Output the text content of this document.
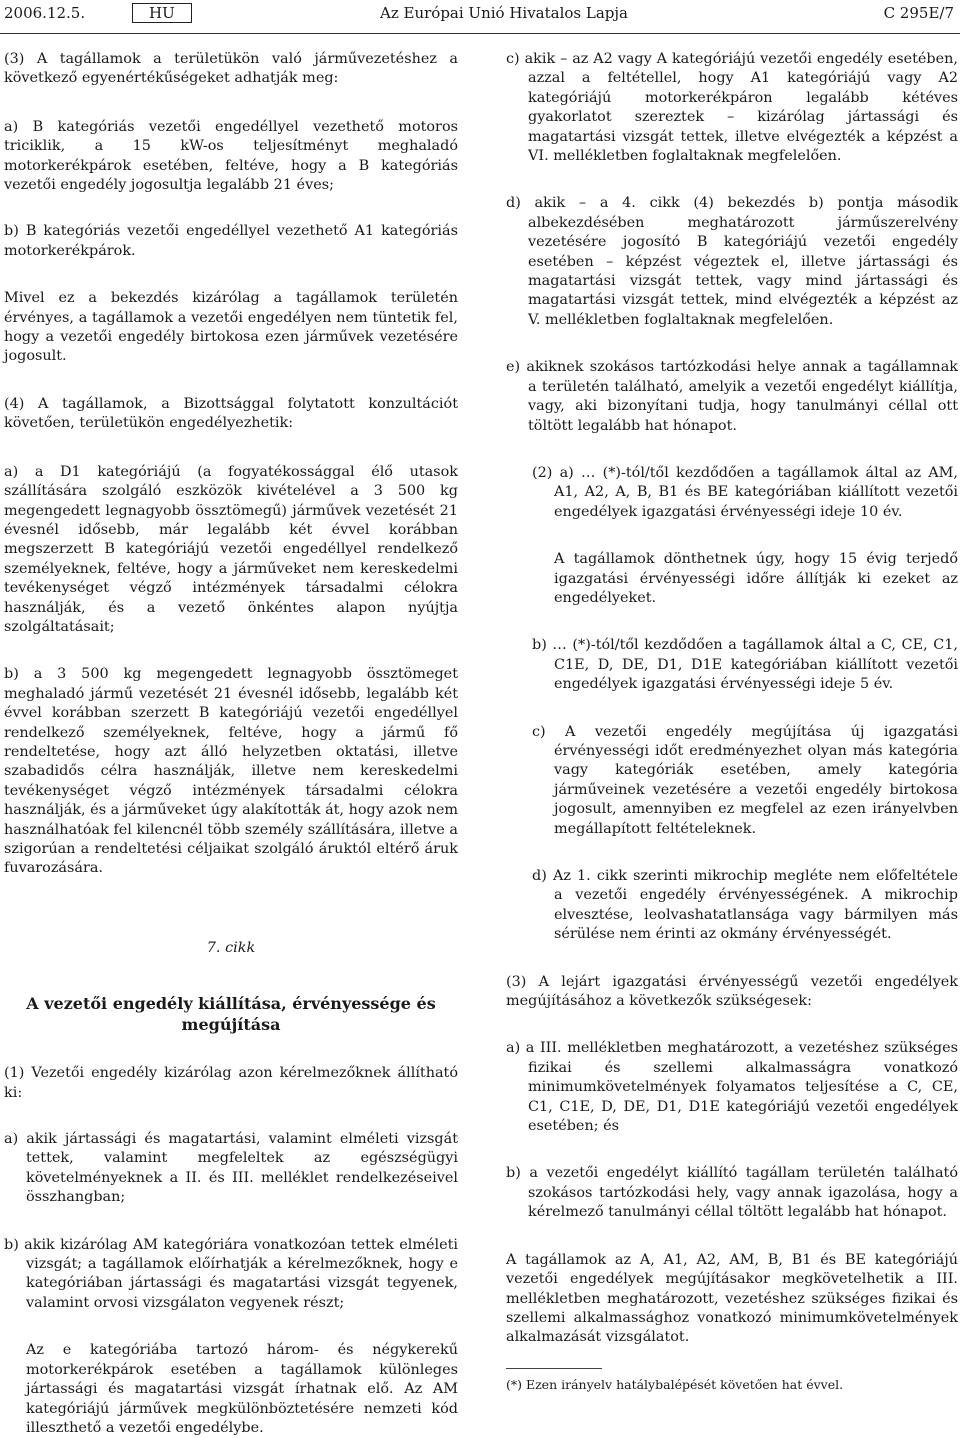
2006.12.5.	HU	Az Európai Unió Hivatalos Lapja	C 295E/7

(3) A tagállamok a területükön való járművezetéshez a következő egyenértékűségeket adhatják meg:

a) B kategóriás vezetői engedéllyel vezethető motoros triciklik, a 15 kW-os teljesítményt meghaladó motorkerékpárok esetében, feltéve, hogy a B kategóriás vezetői engedély jogosultja legalább 21 éves;

b) B kategóriás vezetői engedéllyel vezethető A1 kategóriás motorkerékpárok.

Mivel ez a bekezdés kizárólag a tagállamok területén érvényes, a tagállamok a vezetői engedélyen nem tüntetik fel, hogy a vezetői engedély birtokosa ezen járművek vezetésére jogosult.

(4) A tagállamok, a Bizottsággal folytatott konzultációt követően, területükön engedélyezhetik:

a) a D1 kategóriájú (a fogyatékossággal élő utasok szállítására szolgáló eszközök kivételével a 3 500 kg megengedett legnagyobb össztömegű) járművek vezetését 21 évesnél idősebb, már legalább két évvel korábban megszerzett B kategóriájú vezetői engedéllyel rendelkező személyeknek, feltéve, hogy a járműveket nem kereskedelmi tevékenységet végző intézmények társadalmi célokra használják, és a vezető önkéntes alapon nyújtja szolgáltatásait;

b) a 3 500 kg megengedett legnagyobb össztömeget meghaladó jármű vezetését 21 évesnél idősebb, legalább két évvel korábban szerzett B kategóriájú vezetői engedéllyel rendelkező személyeknek, feltéve, hogy a jármű fő rendeltetése, hogy azt álló helyzetben oktatási, illetve szabadidős célra használják, illetve nem kereskedelmi tevékenységet végző intézmények társadalmi célokra használják, és a járműveket úgy alakították át, hogy azok nem használhatóak fel kilencnél több személy szállítására, illetve a szigorúan a rendeltetési céljaikat szolgáló áruktól eltérő áruk fuvarozására.

7. cikk

A vezetői engedély kiállítása, érvényessége és megújítása

(1) Vezetői engedély kizárólag azon kérelmezőknek állítható ki:

a) akik jártassági és magatartási, valamint elméleti vizsgát tettek, valamint megfeleltek az egészségügyi követelményeknek a II. és III. melléklet rendelkezéseivel összhangban;

b) akik kizárólag AM kategóriára vonatkozóan tettek elméleti vizsgát; a tagállamok előírhatják a kérelmezőknek, hogy e kategóriában jártassági és magatartási vizsgát tegyenek, valamint orvosi vizsgálaton vegyenek részt;

Az e kategóriába tartozó három- és négykerekű motorkerékpárok esetében a tagállamok különleges jártassági és magatartási vizsgát írhatnak elő. Az AM kategóriájú járművek megkülönböztetésére nemzeti kód illeszthető a vezetői engedélybe.

c) akik – az A2 vagy A kategóriájú vezetői engedély esetében, azzal a feltétellel, hogy A1 kategóriájú vagy A2 kategóriájú motorkerékpáron legalább kétéves gyakorlatot szereztek – kizárólag jártassági és magatartási vizsgát tettek, illetve elvégezték a képzést a VI. mellékletben foglaltaknak megfelelően.

d) akik – a 4. cikk (4) bekezdés b) pontja második albekezdésében meghatározott járműszerelvény vezetésére jogosító B kategóriájú vezetői engedély esetében – képzést végeztek el, illetve jártassági és magatartási vizsgát tettek, vagy mind jártassági és magatartási vizsgát tettek, mind elvégezték a képzést az V. mellékletben foglaltaknak megfelelően.

e) akiknek szokásos tartózkodási helye annak a tagállamnak a területén található, amelyik a vezetői engedélyt kiállítja, vagy, aki bizonyítani tudja, hogy tanulmányi céllal ott töltött legalább hat hónapot.

(2) a) … (*)-tól/től kezdődően a tagállamok által az AM, A1, A2, A, B, B1 és BE kategóriában kiállított vezetői engedélyek igazgatási érvényességi ideje 10 év.

A tagállamok dönthetnek úgy, hogy 15 évig terjedő igazgatási érvényességi időre állítják ki ezeket az engedélyeket.

b) … (*)-tól/től kezdődően a tagállamok által a C, CE, C1, C1E, D, DE, D1, D1E kategóriában kiállított vezetői engedélyek igazgatási érvényességi ideje 5 év.

c) A vezetői engedély megújítása új igazgatási érvényességi időt eredményezhet olyan más kategória vagy kategóriák esetében, amely kategória járműveinek vezetésére a vezetői engedély birtokosa jogosult, amennyiben ez megfelel az ezen irányelvben megállapított feltételeknek.

d) Az 1. cikk szerinti mikrochip megléte nem előfeltétele a vezetői engedély érvényességének. A mikrochip elvesztése, leolvashatatlansága vagy bármilyen más sérülése nem érinti az okmány érvényességét.

(3) A lejárt igazgatási érvényességű vezetői engedélyek megújításához a következők szükségesek:

a) a III. mellékletben meghatározott, a vezetéshez szükséges fizikai és szellemi alkalmasságra vonatkozó minimumkövetelmények folyamatos teljesítése a C, CE, C1, C1E, D, DE, D1, D1E kategóriájú vezetői engedélyek esetében; és

b) a vezetői engedélyt kiállító tagállam területén található szokásos tartózkodási hely, vagy annak igazolása, hogy a kérelmező tanulmányi céllal töltött legalább hat hónapot.

A tagállamok az A, A1, A2, AM, B, B1 és BE kategóriájú vezetői engedélyek megújításakor megkövetelhetik a III. mellékletben meghatározott, vezetéshez szükséges fizikai és szellemi alkalmassághoz vonatkozó minimumkövetelmények alkalmazását vizsgálatot.

(*) Ezen irányelv hatálybalépését követően hat évvel.
